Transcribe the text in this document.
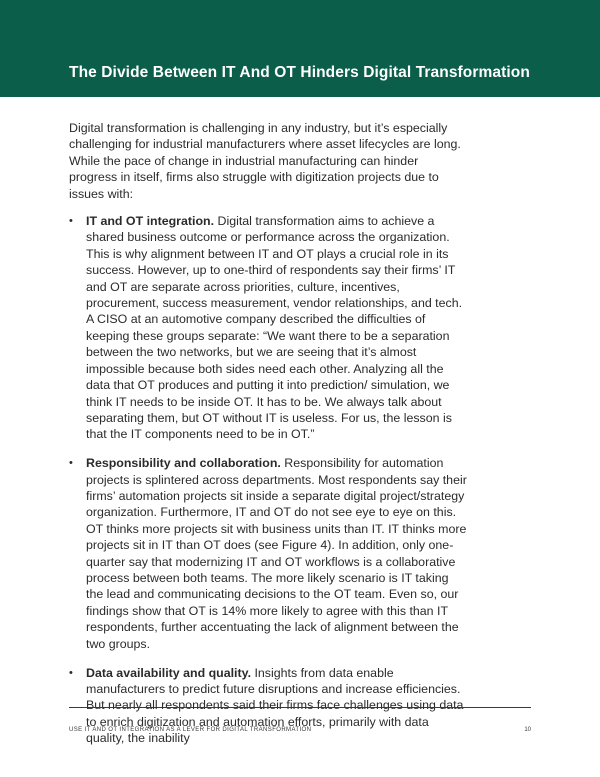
The Divide Between IT And OT Hinders Digital Transformation

Digital transformation is challenging in any industry, but it’s especially challenging for industrial manufacturers where asset lifecycles are long. While the pace of change in industrial manufacturing can hinder progress in itself, firms also struggle with digitization projects due to issues with:

• IT and OT integration. Digital transformation aims to achieve a shared business outcome or performance across the organization. This is why alignment between IT and OT plays a crucial role in its success. However, up to one-third of respondents say their firms’ IT and OT are separate across priorities, culture, incentives, procurement, success measurement, vendor relationships, and tech. A CISO at an automotive company described the difficulties of keeping these groups separate: “We want there to be a separation between the two networks, but we are seeing that it’s almost impossible because both sides need each other. Analyzing all the data that OT produces and putting it into prediction/ simulation, we think IT needs to be inside OT. It has to be. We always talk about separating them, but OT without IT is useless. For us, the lesson is that the IT components need to be in OT.”
• Responsibility and collaboration. Responsibility for automation projects is splintered across departments. Most respondents say their firms’ automation projects sit inside a separate digital project/strategy organization. Furthermore, IT and OT do not see eye to eye on this. OT thinks more projects sit with business units than IT. IT thinks more projects sit in IT than OT does (see Figure 4). In addition, only one-quarter say that modernizing IT and OT workflows is a collaborative process between both teams. The more likely scenario is IT taking the lead and communicating decisions to the OT team. Even so, our findings show that OT is 14% more likely to agree with this than IT respondents, further accentuating the lack of alignment between the two groups.
• Data availability and quality. Insights from data enable manufacturers to predict future disruptions and increase efficiencies. But nearly all respondents said their firms face challenges using data to enrich digitization and automation efforts, primarily with data quality, the inability
USE IT AND OT INTEGRATION AS A LEVER FOR DIGITAL TRANSFORMATION	10
